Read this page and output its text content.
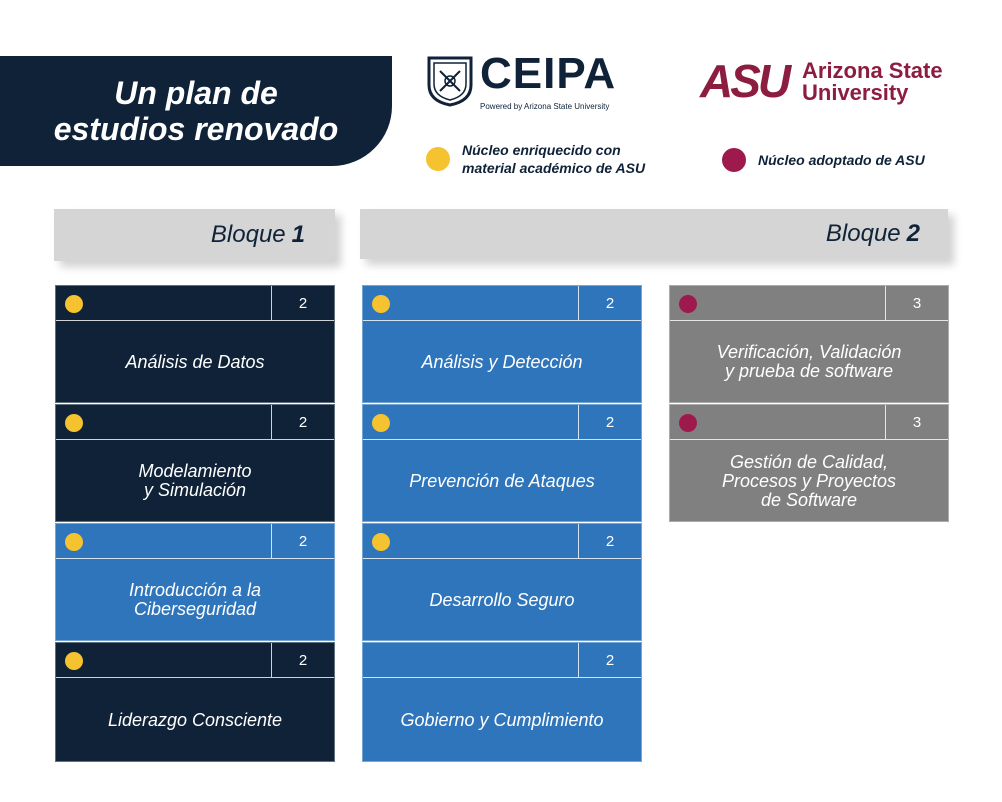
Un plan de
estudios renovado
CEIPA
Powered by Arizona State University ASU Arizona State
University
Núcleo enriquecido con
material académico de ASU	Núcleo adoptado de ASU
Bloque 1	Bloque 2
2
Análisis de Datos
2
Modelamiento
y Simulación
2
Introducción a la
Ciberseguridad
2
Liderazgo Consciente
2
Análisis y Detección
2
Prevención de Ataques
2
Desarrollo Seguro
2
Gobierno y Cumplimiento
3
Verificación, Validación
y prueba de software
3
Gestión de Calidad,
Procesos y Proyectos
de Software
